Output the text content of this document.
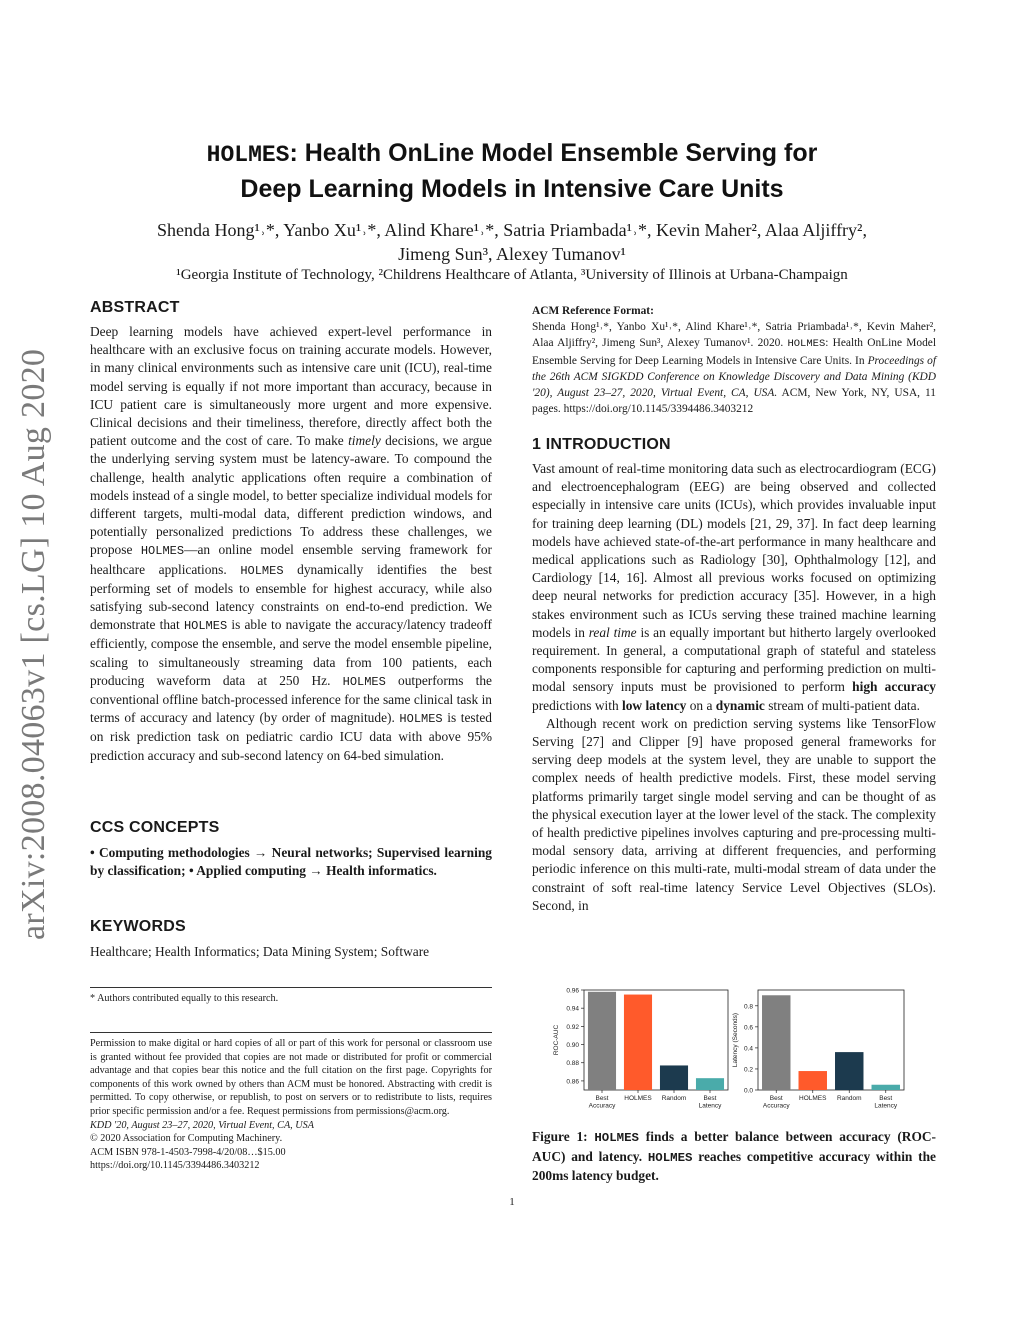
arXiv:2008.04063v1 [cs.LG] 10 Aug 2020
HOLMES: Health OnLine Model Ensemble Serving for
Deep Learning Models in Intensive Care Units
Shenda Hong¹˒*, Yanbo Xu¹˒*, Alind Khare¹˒*, Satria Priambada¹˒*, Kevin Maher², Alaa Aljiffry²,
Jimeng Sun³, Alexey Tumanov¹
¹Georgia Institute of Technology, ²Childrens Healthcare of Atlanta, ³University of Illinois at Urbana-Champaign
ABSTRACT

Deep learning models have achieved expert-level performance in healthcare with an exclusive focus on training accurate models. However, in many clinical environments such as intensive care unit (ICU), real-time model serving is equally if not more important than accuracy, because in ICU patient care is simultaneously more urgent and more expensive. Clinical decisions and their timeliness, therefore, directly affect both the patient outcome and the cost of care. To make timely decisions, we argue the underlying serving system must be latency-aware. To compound the challenge, health analytic applications often require a combination of models instead of a single model, to better specialize individual models for different targets, multi-modal data, different prediction windows, and potentially personalized predictions To address these challenges, we propose HOLMES—an online model ensemble serving framework for healthcare applications. HOLMES dynamically identifies the best performing set of models to ensemble for highest accuracy, while also satisfying sub-second latency constraints on end-to-end prediction. We demonstrate that HOLMES is able to navigate the accuracy/latency tradeoff efficiently, compose the ensemble, and serve the model ensemble pipeline, scaling to simultaneously streaming data from 100 patients, each producing waveform data at 250 Hz. HOLMES outperforms the conventional offline batch-processed inference for the same clinical task in terms of accuracy and latency (by order of magnitude). HOLMES is tested on risk prediction task on pediatric cardio ICU data with above 95% prediction accuracy and sub-second latency on 64-bed simulation.

CCS CONCEPTS
• Computing methodologies → Neural networks; Supervised learning by classification; • Applied computing → Health informatics.
KEYWORDS
Healthcare; Health Informatics; Data Mining System; Software
* Authors contributed equally to this research.
Permission to make digital or hard copies of all or part of this work for personal or classroom use is granted without fee provided that copies are not made or distributed for profit or commercial advantage and that copies bear this notice and the full citation on the first page. Copyrights for components of this work owned by others than ACM must be honored. Abstracting with credit is permitted. To copy otherwise, or republish, to post on servers or to redistribute to lists, requires prior specific permission and/or a fee. Request permissions from permissions@acm.org.
KDD '20, August 23–27, 2020, Virtual Event, CA, USA
© 2020 Association for Computing Machinery.
ACM ISBN 978-1-4503-7998-4/20/08…$15.00
https://doi.org/10.1145/3394486.3403212
ACM Reference Format:
Shenda Hong¹˒*, Yanbo Xu¹˒*, Alind Khare¹˒*, Satria Priambada¹˒*, Kevin Maher², Alaa Aljiffry², Jimeng Sun³, Alexey Tumanov¹. 2020. HOLMES: Health OnLine Model Ensemble Serving for Deep Learning Models in Intensive Care Units. In Proceedings of the 26th ACM SIGKDD Conference on Knowledge Discovery and Data Mining (KDD '20), August 23–27, 2020, Virtual Event, CA, USA. ACM, New York, NY, USA, 11 pages. https://doi.org/10.1145/3394486.3403212
1 INTRODUCTION

Vast amount of real-time monitoring data such as electrocardiogram (ECG) and electroencephalogram (EEG) are being observed and collected especially in intensive care units (ICUs), which provides invaluable input for training deep learning (DL) models [21, 29, 37]. In fact deep learning models have achieved state-of-the-art performance in many healthcare and medical applications such as Radiology [30], Ophthalmology [12], and Cardiology [14, 16]. Almost all previous works focused on optimizing deep neural networks for prediction accuracy [35]. However, in a high stakes environment such as ICUs serving these trained machine learning models in real time is an equally important but hitherto largely overlooked requirement. In general, a computational graph of stateful and stateless components responsible for capturing and performing prediction on multi-modal sensory inputs must be provisioned to perform high accuracy predictions with low latency on a dynamic stream of multi-patient data.

Although recent work on prediction serving systems like TensorFlow Serving [27] and Clipper [9] have proposed general frameworks for serving deep models at the system level, they are unable to support the complex needs of health predictive models. First, these model serving platforms primarily target single model serving and can be thought of as the physical execution layer at the lower level of the stack. The complexity of health predictive pipelines involves capturing and pre-processing multi-modal sensory data, arriving at different frequencies, and performing periodic inference on this multi-rate, multi-modal stream of data under the constraint of soft real-time latency Service Level Objectives (SLOs). Second, in

0.86
0.88
0.90
0.92
0.94
0.96
ROC-AUC
Best
Accuracy
HOLMES Random	Best
Latency
0.0
0.2
0.4
0.6
0.8
Latency (Seconds)
Best
Accuracy
HOLMES Random	Best
Latency
Figure 1: HOLMES finds a better balance between accuracy (ROC-AUC) and latency. HOLMES reaches competitive accuracy within the 200ms latency budget.
1
